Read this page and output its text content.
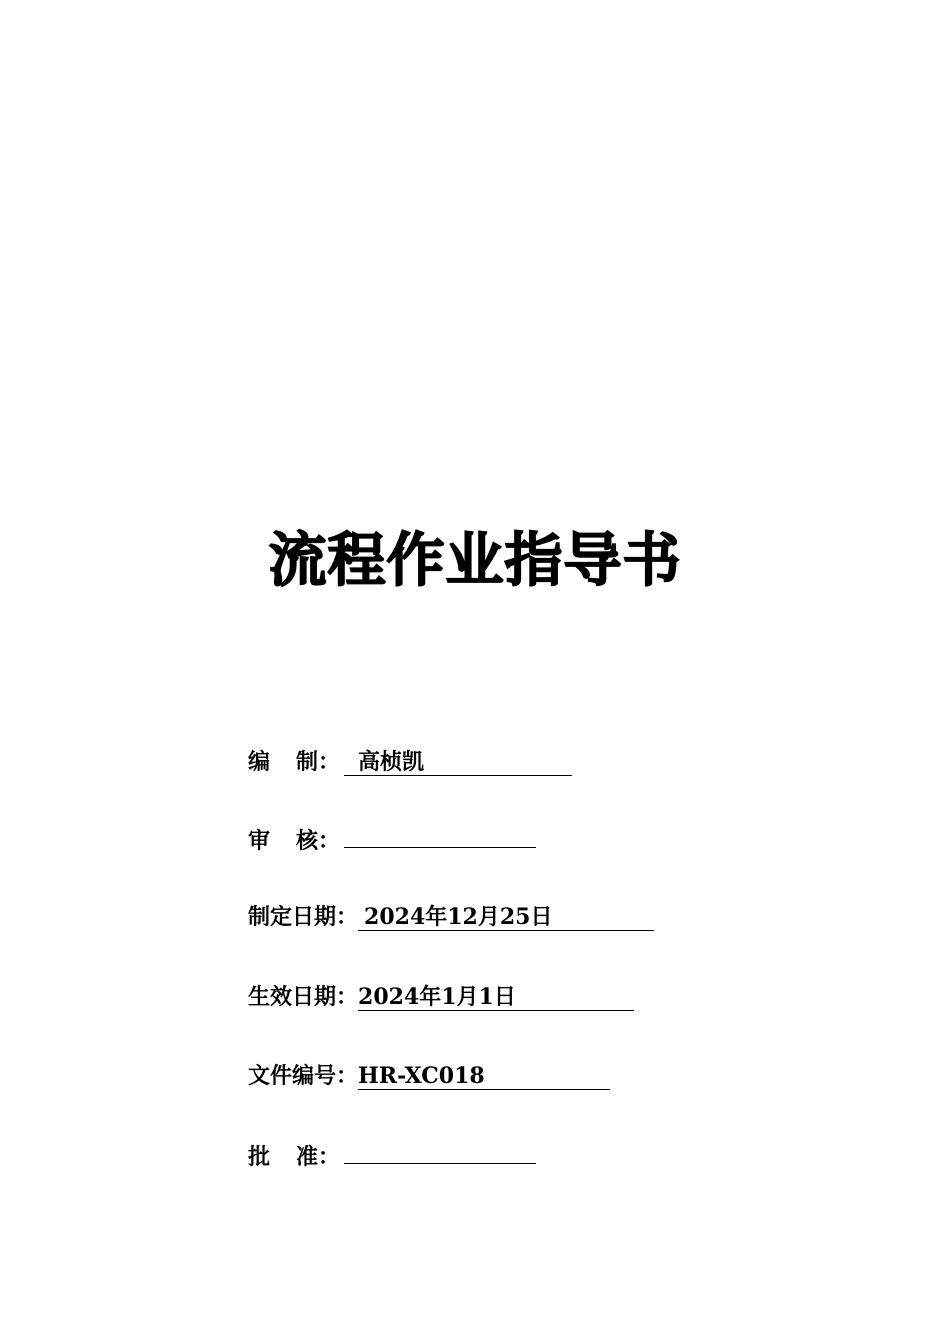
流程作业指导书
编 制： 高桢凯
审 核：
制定日期： 2024年12月25日
生效日期： 2024年1月1日
文件编号： HR-XC018
批 准：
